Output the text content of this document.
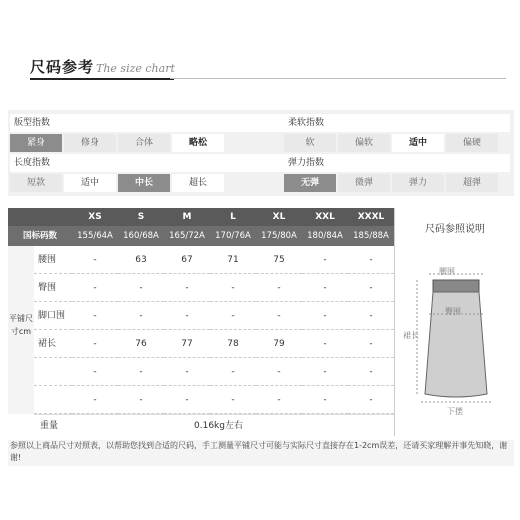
尺码参考 The size chart
版型指数	柔软指数
紧身	修身	合体	略松	软	偏软	适中	偏硬
长度指数	弹力指数
短款	适中	中长	超长	无弹	微弹	弹力	超弹
XS	S	M	L	XL	XXL	XXXL
国标码数	155/64A	160/68A	165/72A	170/76A	175/80A	180/84A	185/88A
平铺尺寸cm
腰围	-	63	67	71	75	-	-
臀围	-	-	-	-	-	-	-
脚口围	-	-	-	-	-	-	-
裙长	-	76	77	78	79	-	-
-	-	-	-	-	-	-
-	-	-	-	-	-	-
重量	0.16kg左右
尺码参照说明
腰围
臀围
裙长
下摆
参照以上商品尺寸对照表，以帮助您找到合适的尺码，手工测量平铺尺寸可能与实际尺寸直接存在1-2cm误差，还请买家理解并事先知晓，谢谢!
